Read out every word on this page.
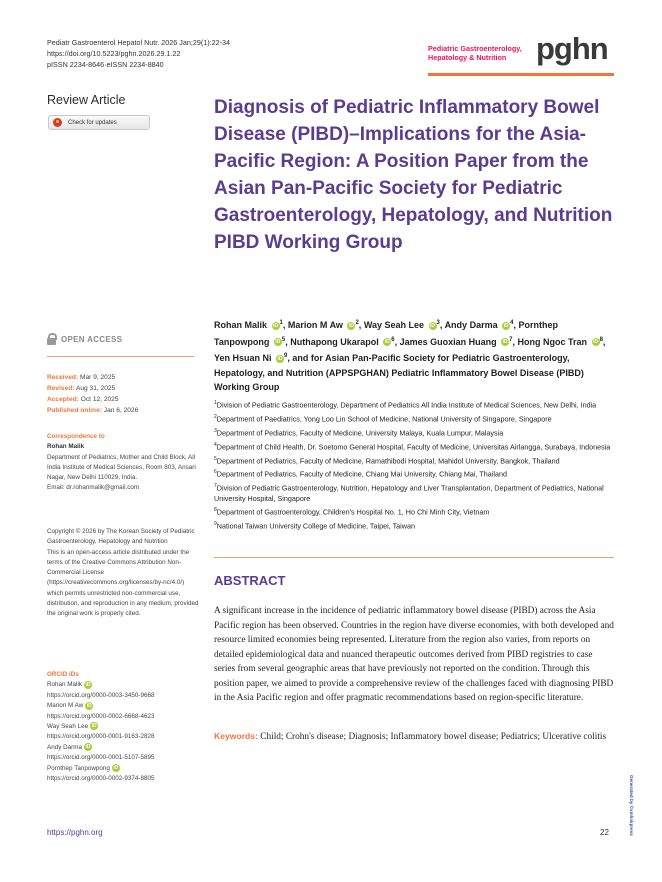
Pediatr Gastroenterol Hepatol Nutr. 2026 Jan;29(1):22-34
https://doi.org/10.5223/pghn.2026.29.1.22
pISSN 2234-8646·eISSN 2234-8840
Pediatric Gastroenterology, Hepatology & Nutrition pghn
Review Article
Check for updates
OPEN ACCESS
Received: Mar 9, 2025
Revised: Aug 31, 2025
Accepted: Oct 12, 2025
Published online: Jan 6, 2026
Correspondence to
Rohan Malik
Department of Pediatrics, Mother and Child Block, All India Institute of Medical Sciences, Room 803, Ansari Nagar, New Delhi 110029, India.
Email: dr.rohanmalik@gmail.com
Copyright © 2026 by The Korean Society of Pediatric Gastroenterology, Hepatology and Nutrition
This is an open-access article distributed under the terms of the Creative Commons Attribution Non-Commercial License (https://creativecommons.org/licenses/by-nc/4.0/) which permits unrestricted non-commercial use, distribution, and reproduction in any medium, provided the original work is properly cited.
ORCID iDs
Rohan Malik iD
https://orcid.org/0000-0003-3450-9668
Marion M Aw iD
https://orcid.org/0000-0002-6668-4623
Way Seah Lee iD
https://orcid.org/0000-0001-9163-2828
Andy Darma iD
https://orcid.org/0000-0001-5107-5895
Pornthep Tanpowpong iD
https://orcid.org/0000-0002-9374-8805
Diagnosis of Pediatric Inflammatory Bowel Disease (PIBD)–Implications for the Asia-Pacific Region: A Position Paper from the Asian Pan-Pacific Society for Pediatric Gastroenterology, Hepatology, and Nutrition PIBD Working Group
Rohan Malik iD $^1$, Marion M Aw iD $^2$, Way Seah Lee iD $^3$, Andy Darma iD $^4$, Pornthep Tanpowpong iD $^5$, Nuthapong Ukarapol iD $^6$, James Guoxian Huang iD $^7$, Hong Ngoc Tran iD $^8$, Yen Hsuan Ni iD $^9$, and for Asian Pan-Pacific Society for Pediatric Gastroenterology, Hepatology, and Nutrition (APPSPGHAN) Pediatric Inflammatory Bowel Disease (PIBD) Working Group
$^1$Division of Pediatric Gastroenterology, Department of Pediatrics All India Institute of Medical Sciences, New Delhi, India
$^2$Department of Paediatrics, Yong Loo Lin School of Medicine, National University of Singapore, Singapore
$^3$Department of Pediatrics, Faculty of Medicine, University Malaya, Kuala Lumpur, Malaysia
$^4$Department of Child Health, Dr. Soetomo General Hospital, Faculty of Medicine, Universitas Airlangga, Surabaya, Indonesia
$^5$Department of Pediatrics, Faculty of Medicine, Ramathibodi Hospital, Mahidol University, Bangkok, Thailand
$^6$Department of Pediatrics, Faculty of Medicine, Chiang Mai University, Chiang Mai, Thailand
$^7$Division of Pediatric Gastroenterology, Nutrition, Hepatology and Liver Transplantation, Department of Pediatrics, National University Hospital, Singapore
$^8$Department of Gastroenterology, Children's Hospital No. 1, Ho Chi Minh City, Vietnam
$^9$National Taiwan University College of Medicine, Taipei, Taiwan
ABSTRACT
A significant increase in the incidence of pediatric inflammatory bowel disease (PIBD) across the Asia Pacific region has been observed. Countries in the region have diverse economies, with both developed and resource limited economies being represented. Literature from the region also varies, from reports on detailed epidemiological data and nuanced therapeutic outcomes derived from PIBD registries to case series from several geographic areas that have previously not reported on the condition. Through this position paper, we aimed to provide a comprehensive review of the challenges faced with diagnosing PIBD in the Asia Pacific region and offer pragmatic recommendations based on region-specific literature.
Keywords: Child; Crohn's disease; Diagnosis; Inflammatory bowel disease; Pediatrics; Ulcerative colitis
https://pghn.org	22	Generated by ©xmlinkpress
